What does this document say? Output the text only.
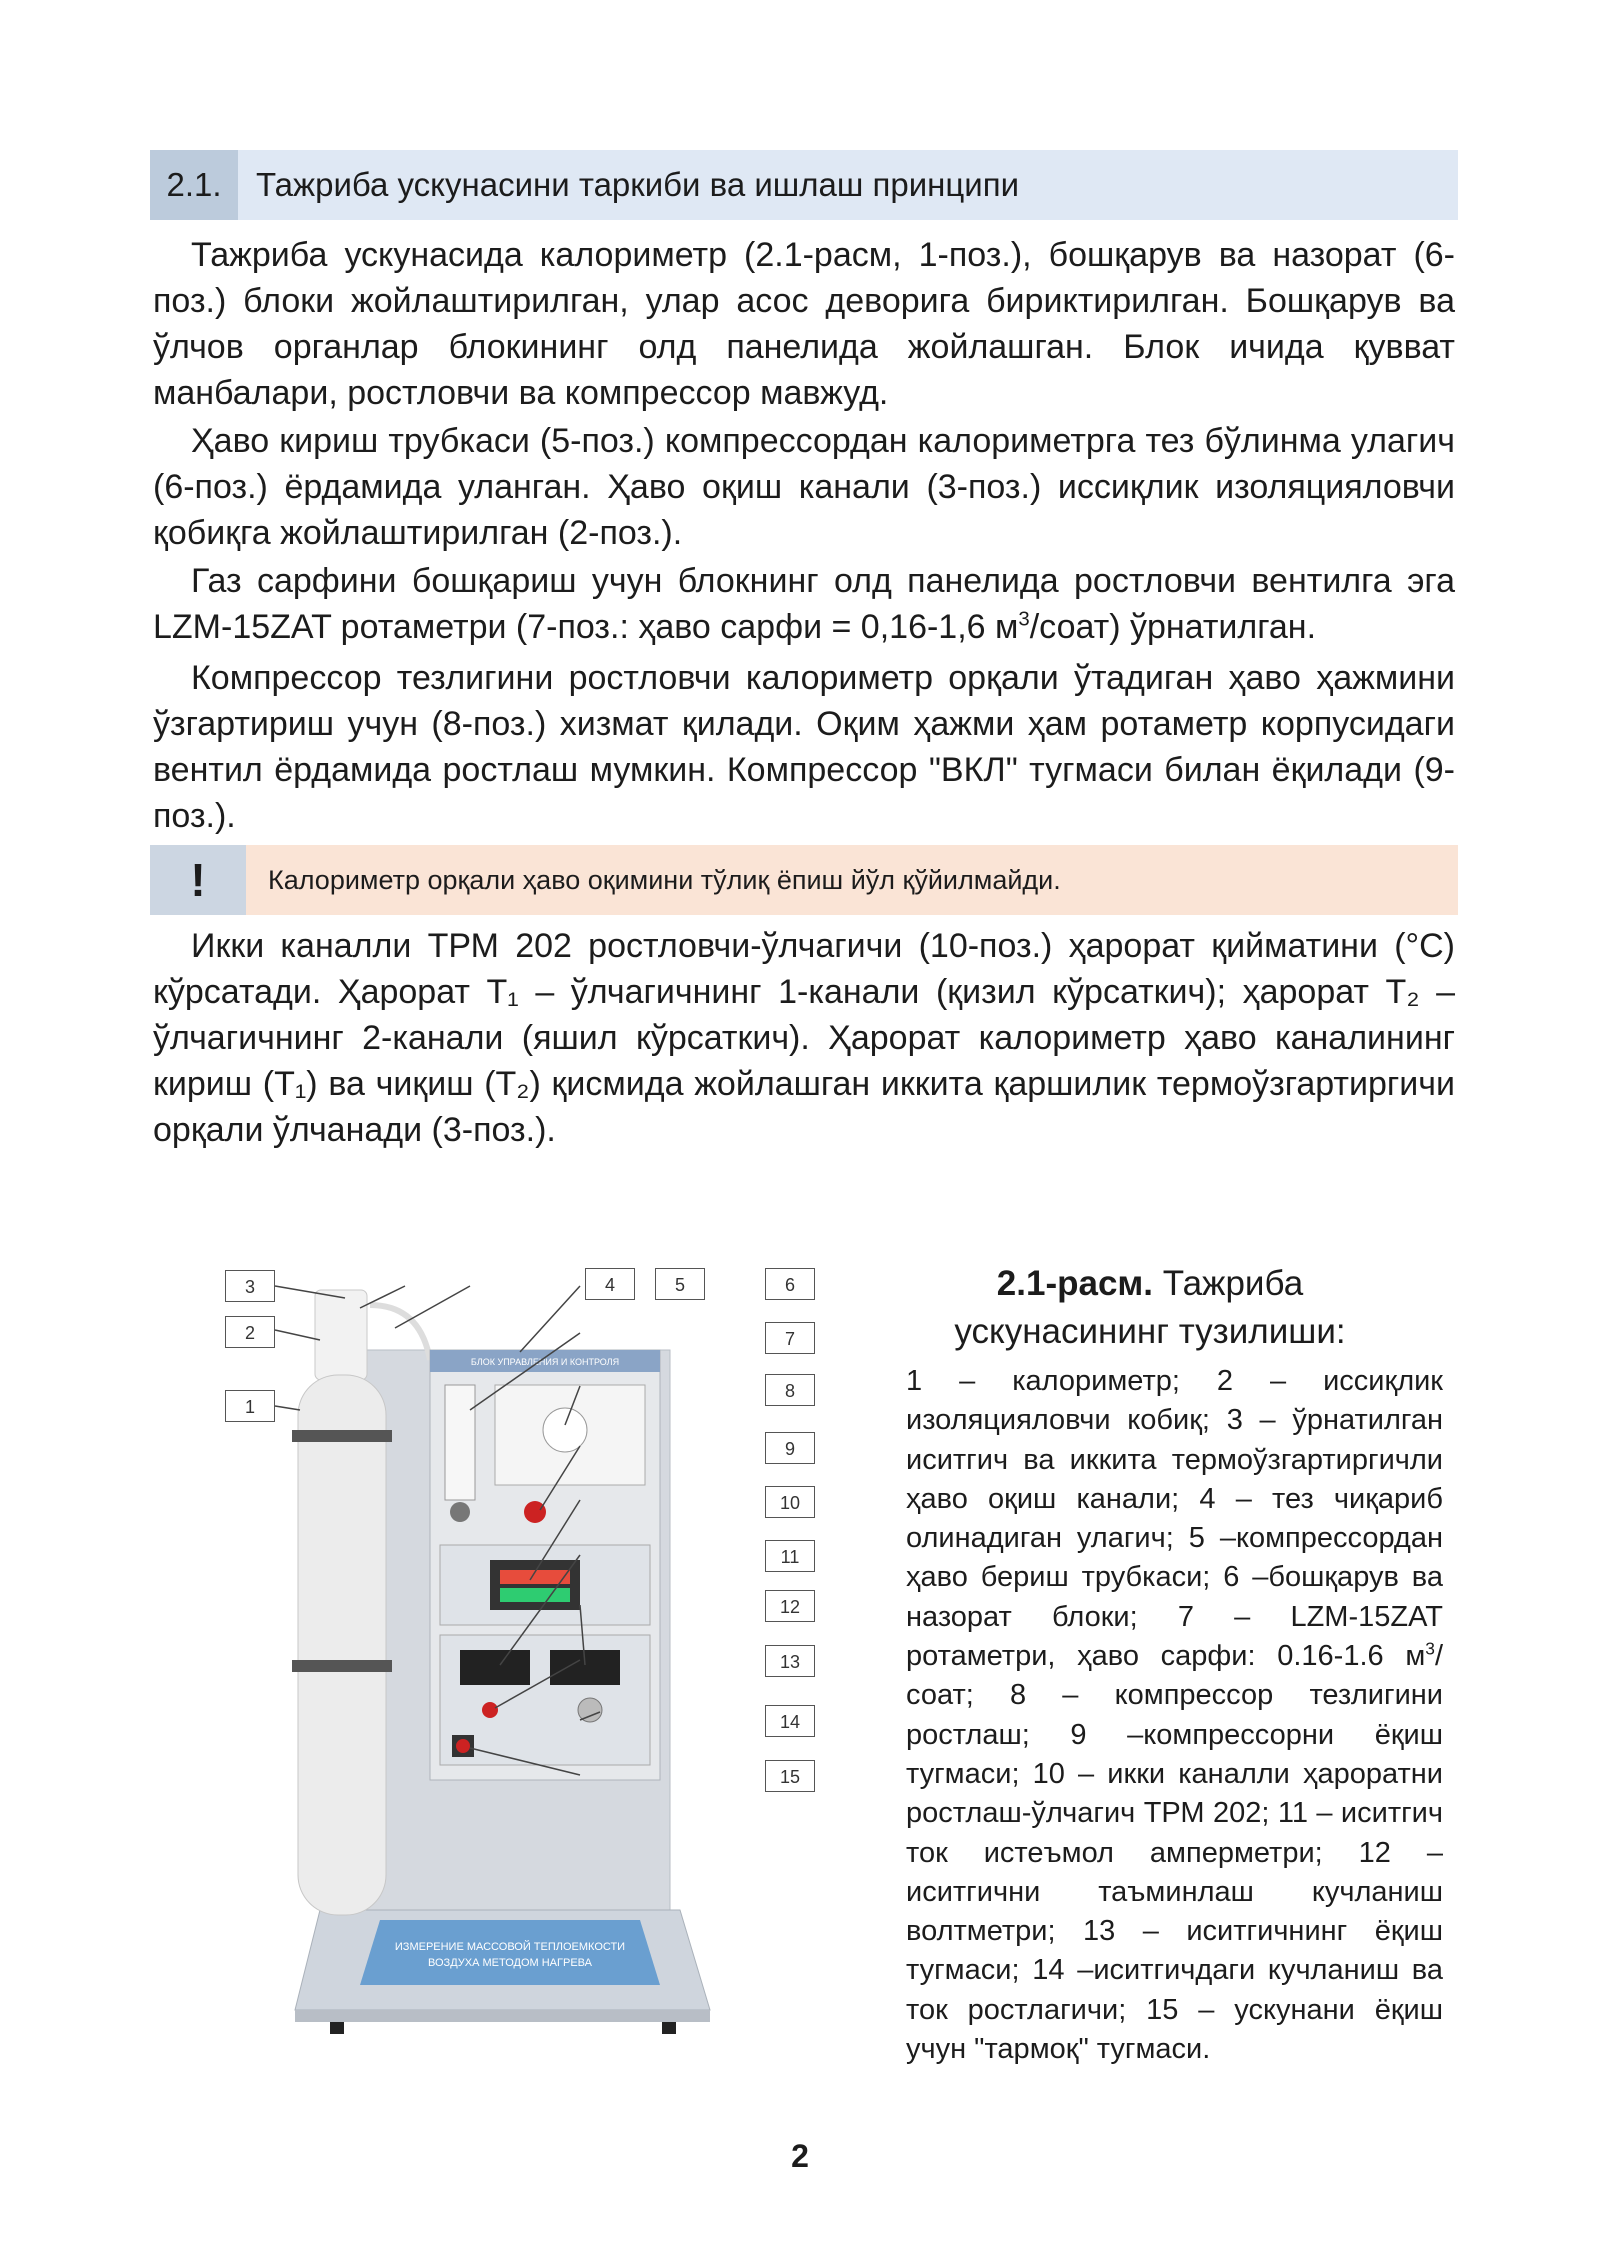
2.1.	Тажриба ускунасини таркиби ва ишлаш принципи
Тажриба ускунасида калориметр (2.1-расм, 1-поз.), бошқарув ва назорат (6-поз.) блоки жойлаштирилган, улар асос деворига бириктирилган. Бошқарув ва ўлчов органлар блокининг олд панелида жойлашган. Блок ичида қувват манбалари, ростловчи ва компрессор мавжуд.
Ҳаво кириш трубкаси (5-поз.) компрессордан калориметрга тез бўлинма улагич (6-поз.) ёрдамида уланган. Ҳаво оқиш канали (3-поз.) иссиқлик изоляцияловчи қобиқга жойлаштирилган (2-поз.).
Газ сарфини бошқариш учун блокнинг олд панелида ростловчи вентилга эга LZM-15ZAT ротаметри (7-поз.: ҳаво сарфи = 0,16-1,6 $м^3/соат$) ўрнатилган.
Компрессор тезлигини ростловчи калориметр орқали ўтадиган ҳаво ҳажмини ўзгартириш учун (8-поз.) хизмат қилади. Оқим ҳажми ҳам ротаметр корпусидаги вентил ёрдамида ростлаш мумкин. Компрессор "ВКЛ" тугмаси билан ёқилади (9-поз.).
!	Калориметр орқали ҳаво оқимини тўлиқ ёпиш йўл қўйилмайди.
Икки каналли ТРМ 202 ростловчи-ўлчагичи (10-поз.) ҳарорат қийматини (°С) кўрсатади. Ҳарорат T₁ – ўлчагичнинг 1-канали (қизил кўрсаткич); ҳарорат T₂ – ўлчагичнинг 2-канали (яшил кўрсаткич). Ҳарорат калориметр ҳаво каналининг кириш (T₁) ва чиқиш (T₂) қисмида жойлашган иккита қаршилик термоўзгартиргичи орқали ўлчанади (3-поз.).
ИЗМЕРЕНИЕ МАССОВОЙ ТЕПЛОЕМКОСТИ
ВОЗДУХА МЕТОДОМ НАГРЕВА
БЛОК УПРАВЛЕНИЯ И КОНТРОЛЯ
3	4	5	6
7
2
8
1
9
10
11
12
13
14
15
2.1-расм. Тажриба ускунасининг тузилиши:
1 – калориметр; 2 – иссиқлик изоляцияловчи кобиқ; 3 – ўрнатилган иситгич ва иккита термоўзгартиргичли ҳаво оқиш канали; 4 – тез чиқариб олинадиган улагич; 5 –компрессордан ҳаво бериш трубкаси; 6 –бошқарув ва назорат блоки; 7 – LZM-15ZAT ротаметри, ҳаво сарфи: 0.16-1.6 $м^3$/соат; 8 – компрессор тезлигини ростлаш; 9 –компрессорни ёқиш тугмаси; 10 – икки каналли ҳароратни ростлаш-ўлчагич ТРМ 202; 11 – иситгич ток истеъмол амперметри; 12 – иситгични таъминлаш кучланиш волтметри; 13 – иситгичнинг ёқиш тугмаси; 14 –иситгичдаги кучланиш ва ток ростлагичи; 15 – ускунани ёқиш учун "тармоқ" тугмаси.
2
